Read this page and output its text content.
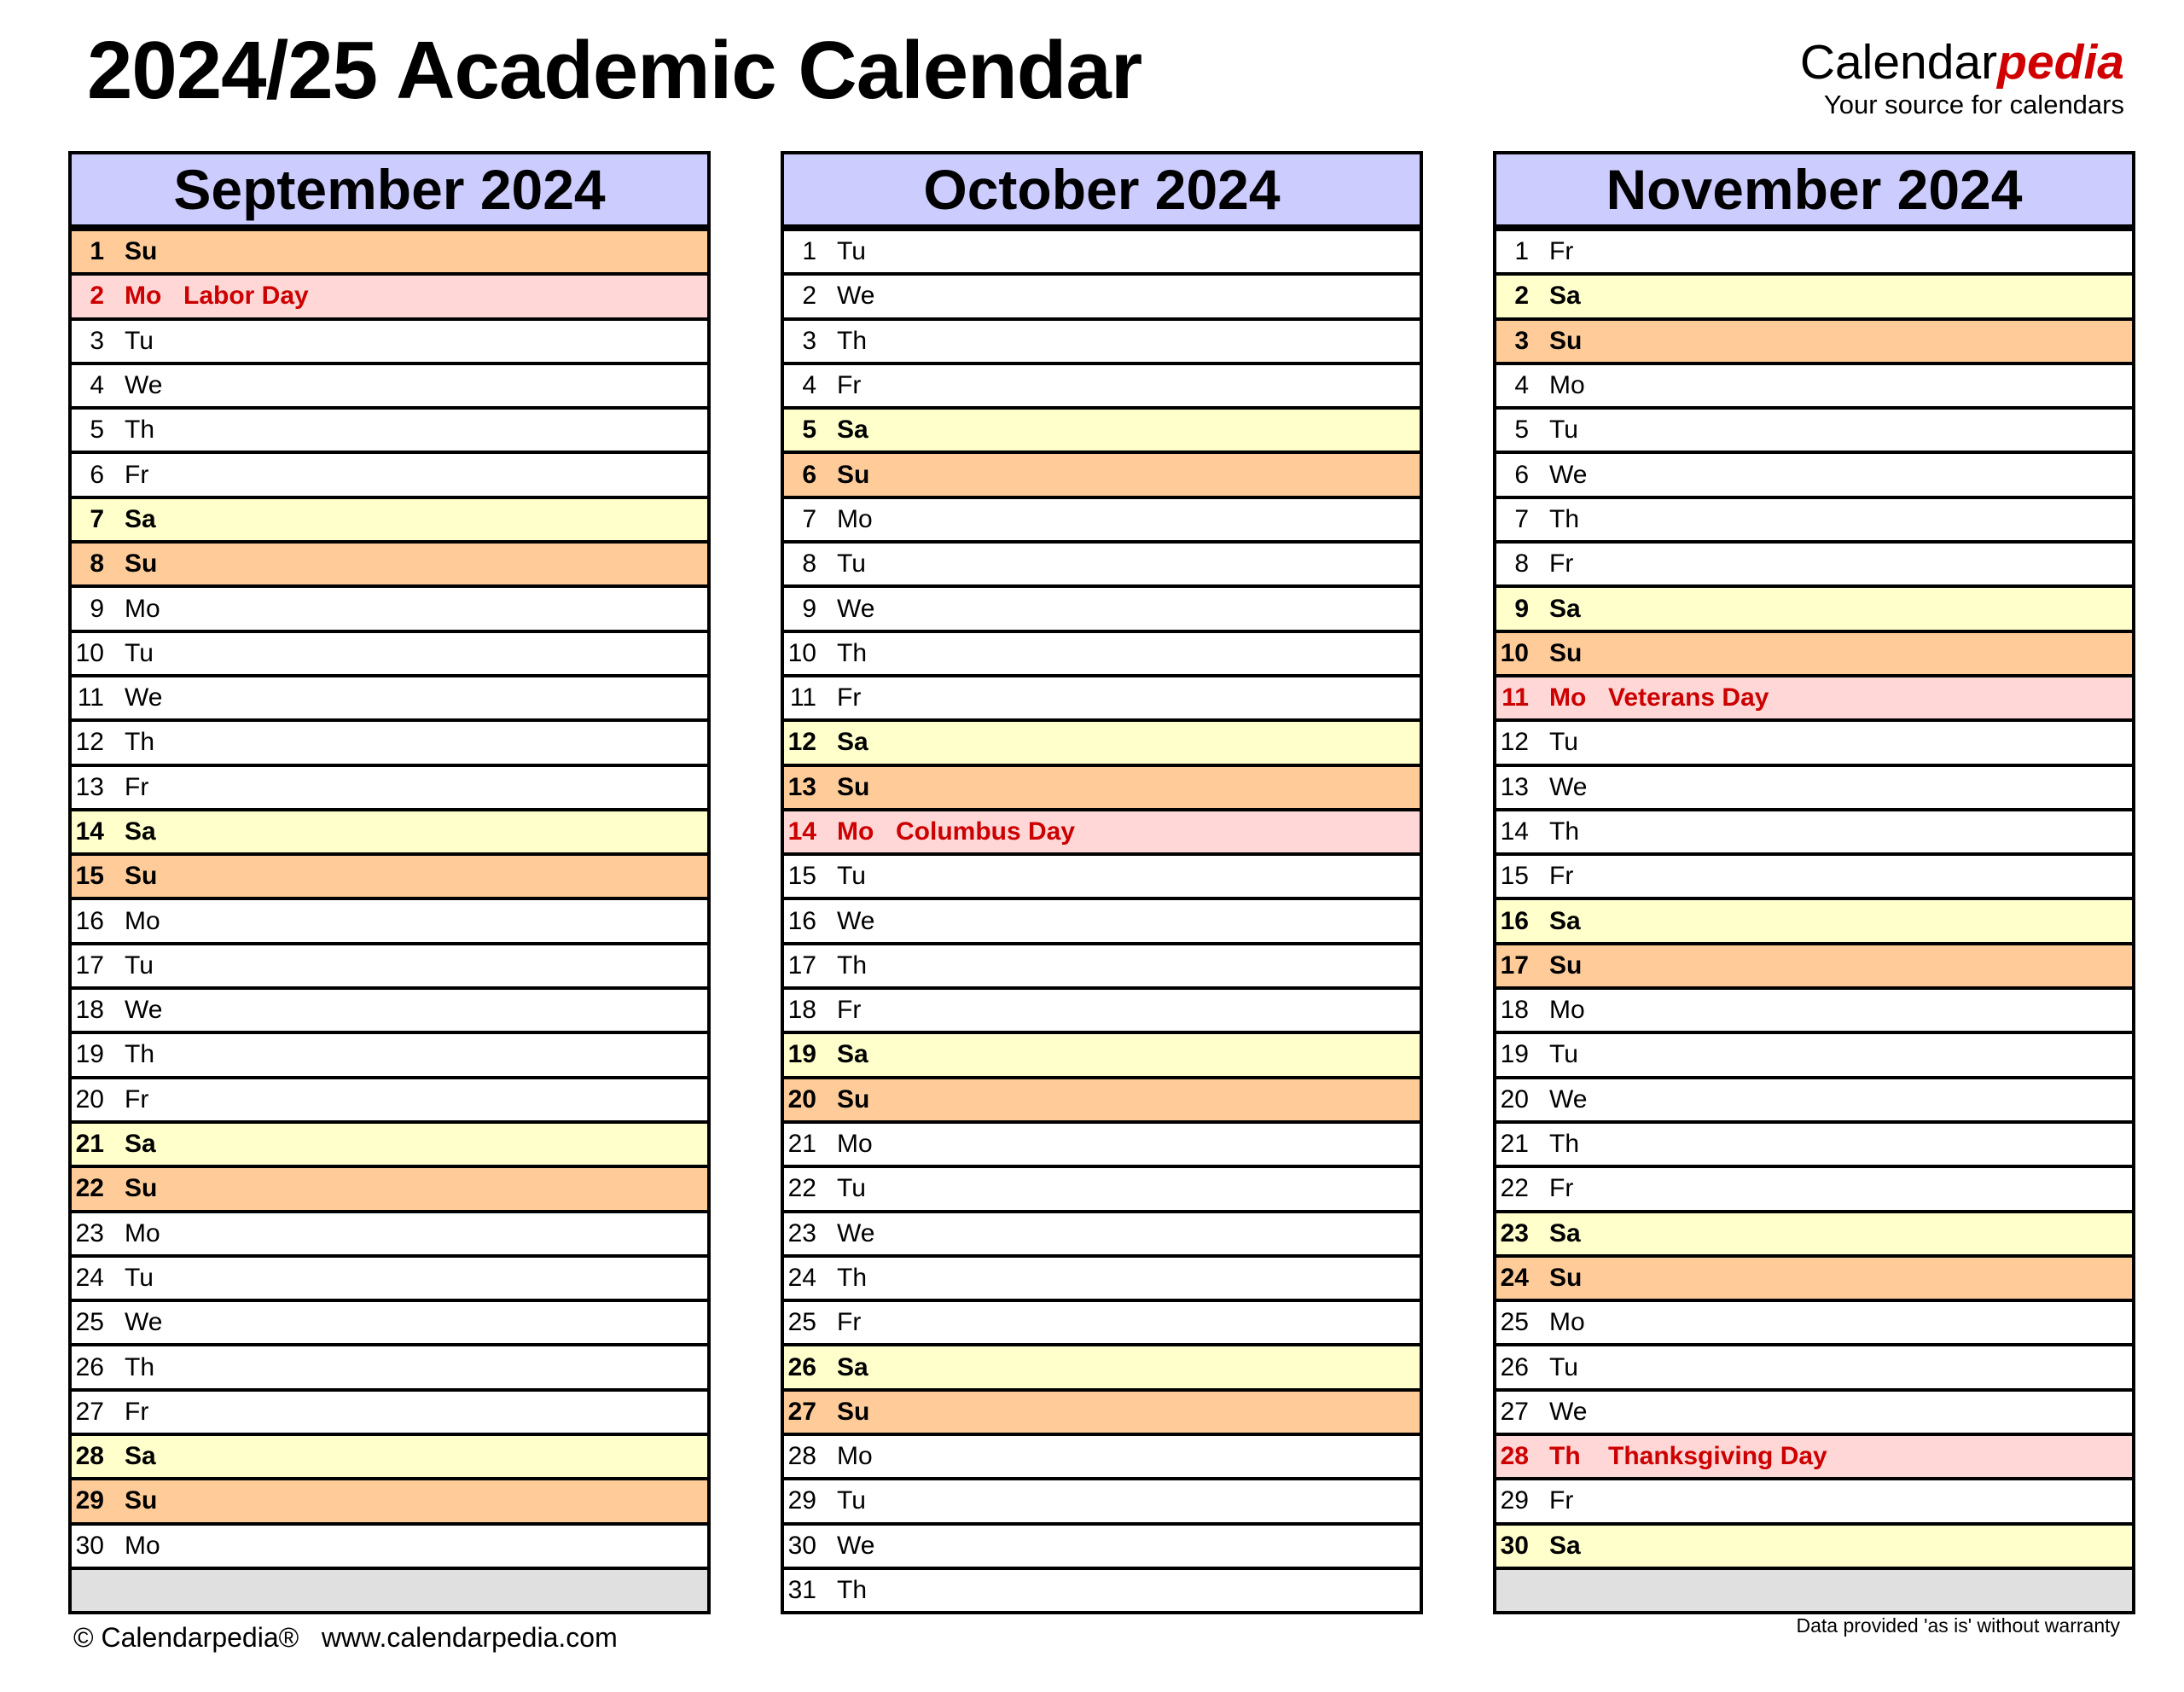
2024/25 Academic Calendar	Calendarpedia
Your source for calendars
September 2024
1 Su
2 Mo Labor Day
3 Tu
4 We
5 Th
6 Fr
7 Sa
8 Su
9 Mo
10 Tu
11 We
12 Th
13 Fr
14 Sa
15 Su
16 Mo
17 Tu
18 We
19 Th
20 Fr
21 Sa
22 Su
23 Mo
24 Tu
25 We
26 Th
27 Fr
28 Sa
29 Su
30 Mo
October 2024
1 Tu
2 We
3 Th
4 Fr
5 Sa
6 Su
7 Mo
8 Tu
9 We
10 Th
11 Fr
12 Sa
13 Su
14 Mo Columbus Day
15 Tu
16 We
17 Th
18 Fr
19 Sa
20 Su
21 Mo
22 Tu
23 We
24 Th
25 Fr
26 Sa
27 Su
28 Mo
29 Tu
30 We
31 Th
November 2024
1 Fr
2 Sa
3 Su
4 Mo
5 Tu
6 We
7 Th
8 Fr
9 Sa
10 Su
11 Mo Veterans Day
12 Tu
13 We
14 Th
15 Fr
16 Sa
17 Su
18 Mo
19 Tu
20 We
21 Th
22 Fr
23 Sa
24 Su
25 Mo
26 Tu
27 We
28 Th	Thanksgiving Day
29 Fr
30 Sa
© Calendarpedia®   www.calendarpedia.com	Data provided 'as is' without warranty
